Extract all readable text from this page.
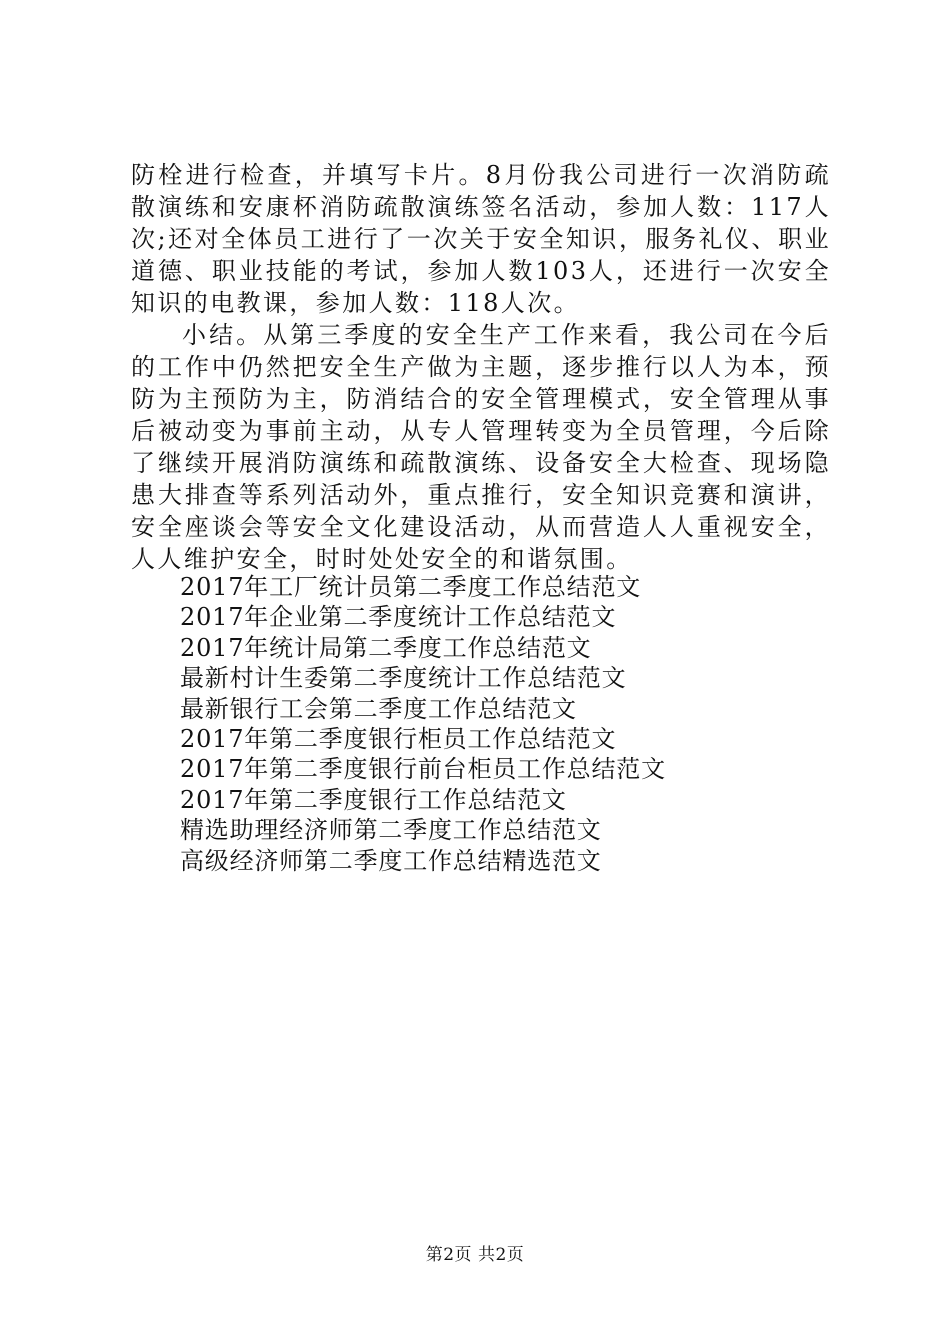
防栓进行检查，并填写卡片。8月份我公司进行一次消防疏散演练和安康杯消防疏散演练签名活动，参加人数：117人次;还对全体员工进行了一次关于安全知识，服务礼仪、职业道德、职业技能的考试，参加人数103人，还进行一次安全知识的电教课，参加人数：118人次。

小结。从第三季度的安全生产工作来看，我公司在今后的工作中仍然把安全生产做为主题，逐步推行以人为本，预防为主预防为主，防消结合的安全管理模式，安全管理从事后被动变为事前主动，从专人管理转变为全员管理，今后除了继续开展消防演练和疏散演练、设备安全大检查、现场隐患大排查等系列活动外，重点推行，安全知识竞赛和演讲，安全座谈会等安全文化建设活动，从而营造人人重视安全，人人维护安全，时时处处安全的和谐氛围。

2017年工厂统计员第二季度工作总结范文
2017年企业第二季度统计工作总结范文
2017年统计局第二季度工作总结范文
最新村计生委第二季度统计工作总结范文
最新银行工会第二季度工作总结范文
2017年第二季度银行柜员工作总结范文
2017年第二季度银行前台柜员工作总结范文
2017年第二季度银行工作总结范文
精选助理经济师第二季度工作总结范文
高级经济师第二季度工作总结精选范文
第2页 共2页
